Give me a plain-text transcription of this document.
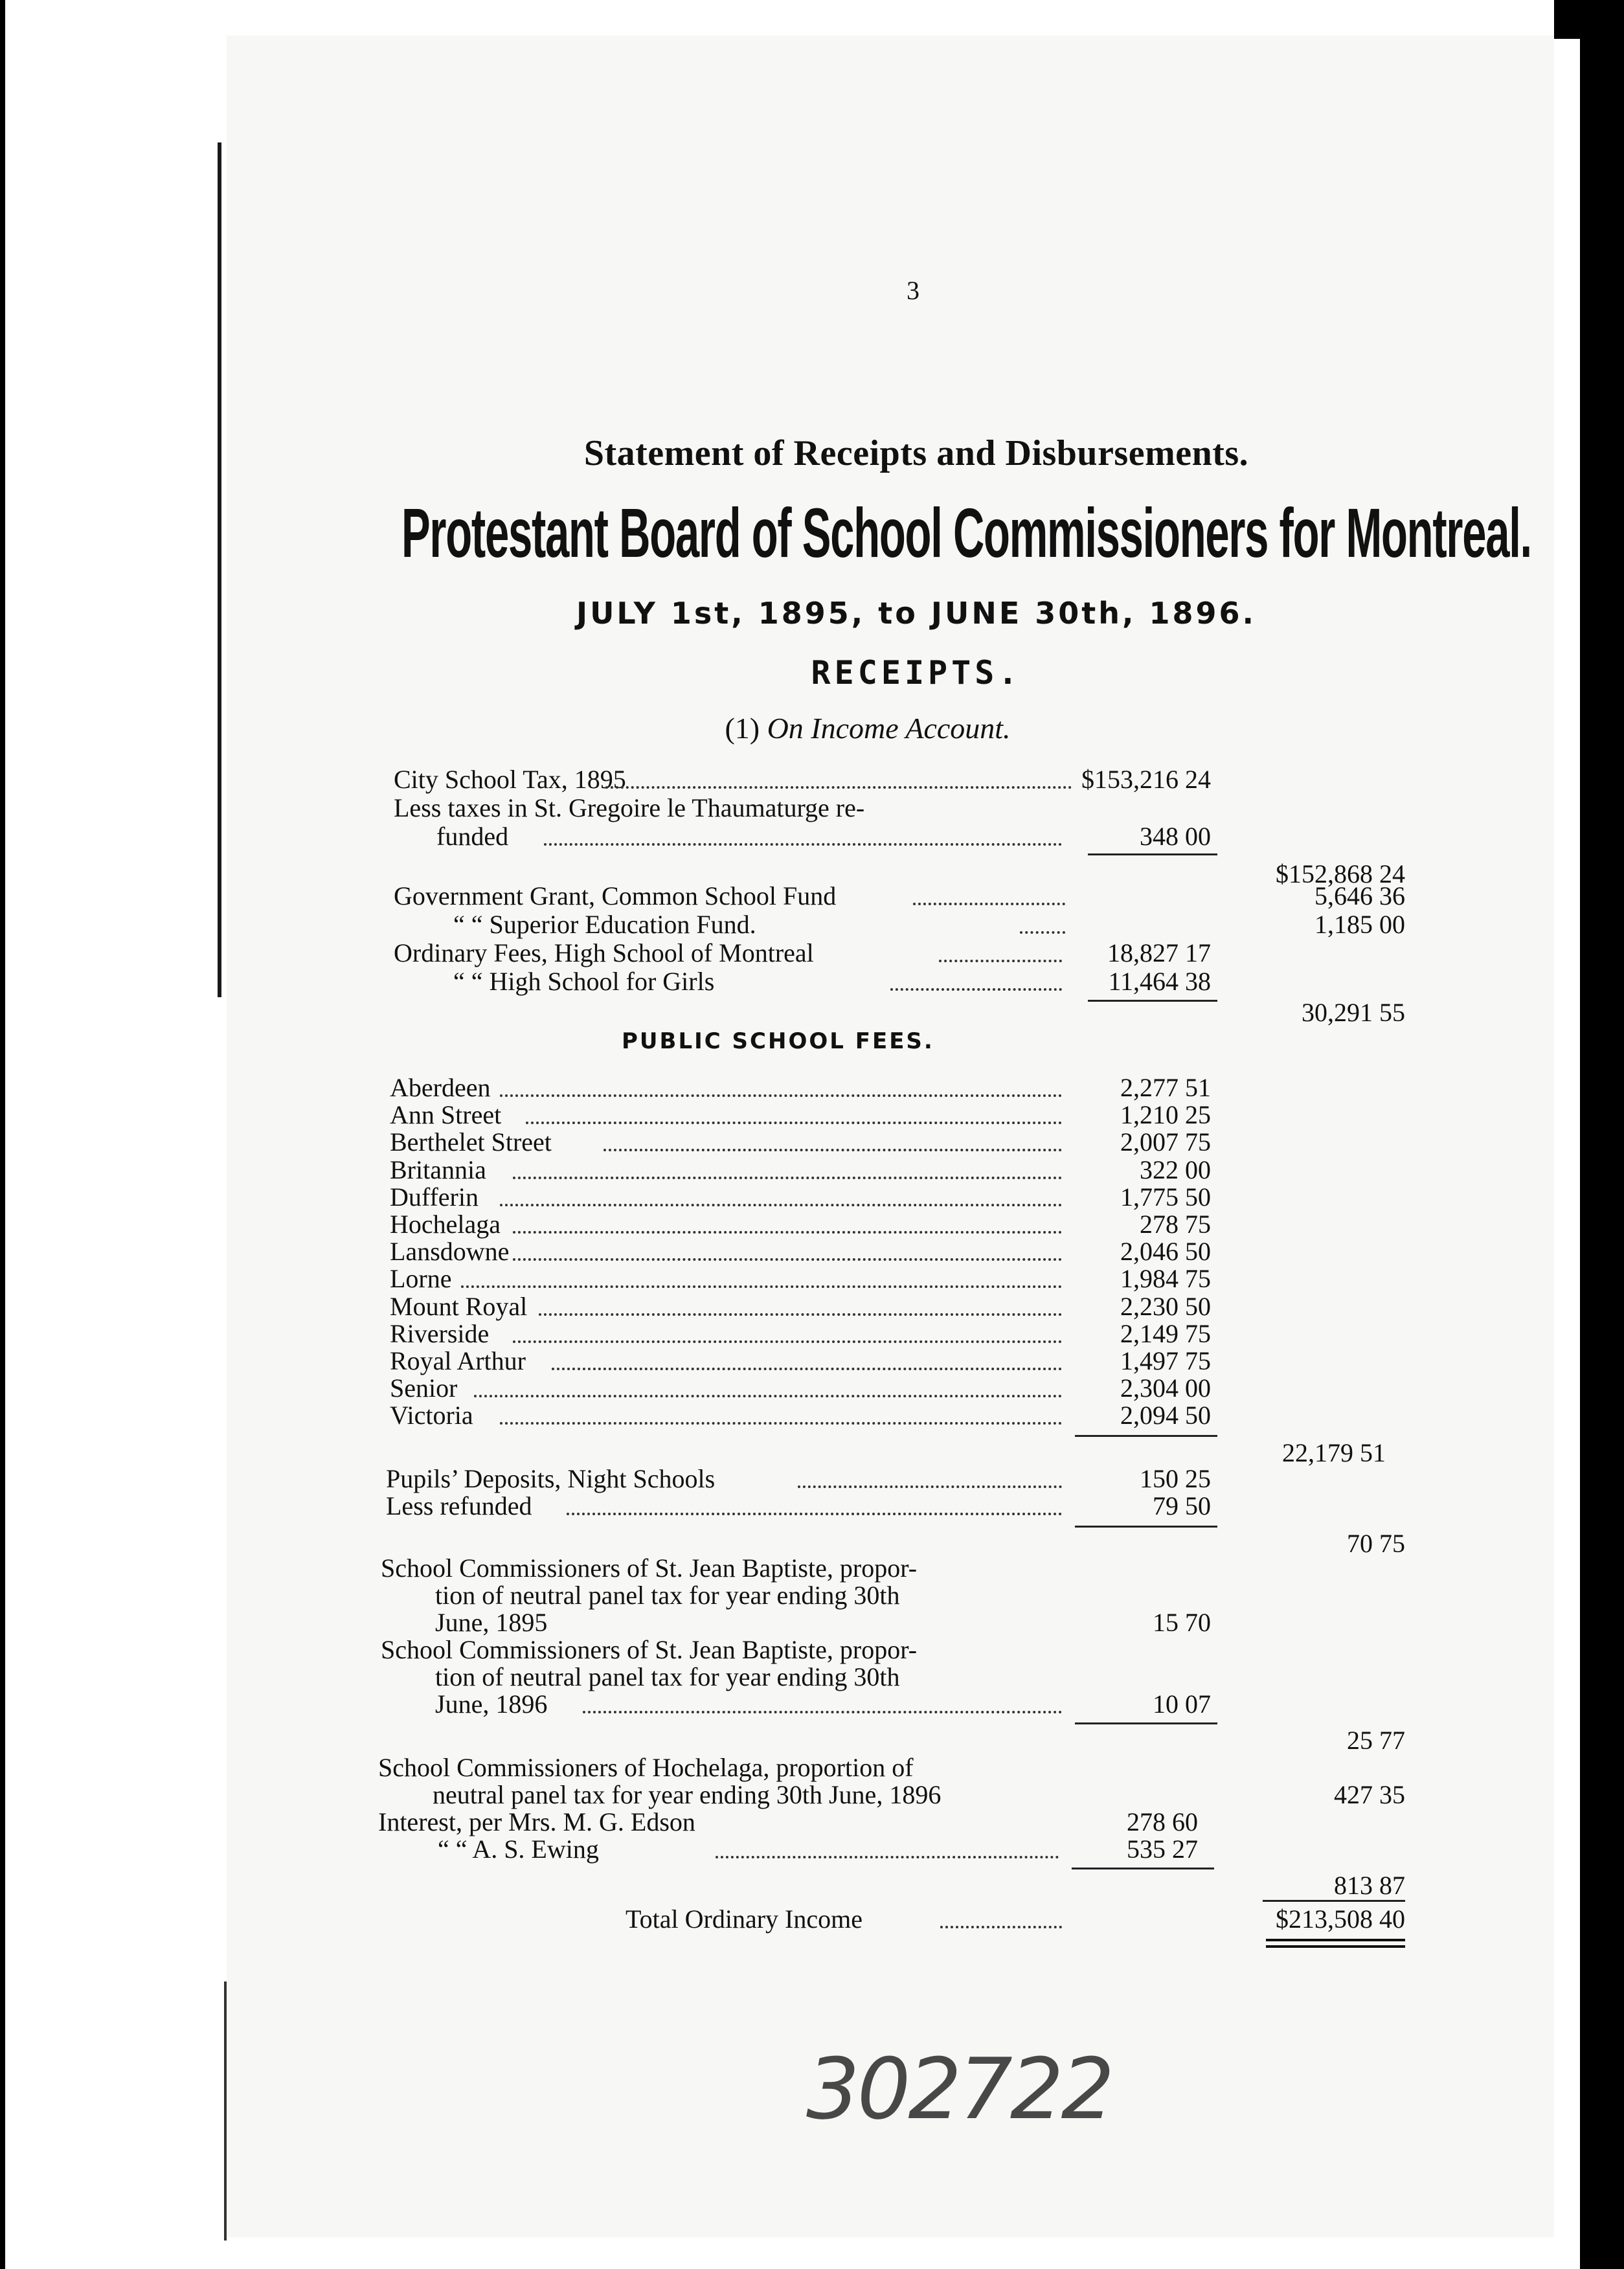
3
Statement of Receipts and Disbursements.
Protestant Board of School Commissioners for Montreal.
JULY 1st, 1895, to JUNE 30th, 1896.
RECEIPTS.
(1) On Income Account.
PUBLIC SCHOOL FEES.
City School Tax, 1895	$153,216 24
Less taxes in St. Gregoire le Thaumaturge re-
funded	348 00
$152,868 24
Government Grant, Common School Fund	5,646 36
“ “ Superior Education Fund.	1,185 00
Ordinary Fees, High School of Montreal	18,827 17
“ “ High School for Girls	11,464 38
30,291 55
Aberdeen	2,277 51
Ann Street	1,210 25
Berthelet Street	2,007 75
Britannia	322 00
Dufferin	1,775 50
Hochelaga	278 75
Lansdowne	2,046 50
Lorne	1,984 75
Mount Royal	2,230 50
Riverside	2,149 75
Royal Arthur	1,497 75
Senior	2,304 00
Victoria	2,094 50
22,179 51
Pupils’ Deposits, Night Schools	150 25
Less refunded	79 50
70 75
School Commissioners of St. Jean Baptiste, propor-
tion of neutral panel tax for year ending 30th
June, 1895	15 70
School Commissioners of St. Jean Baptiste, propor-
tion of neutral panel tax for year ending 30th
June, 1896	10 07
25 77
School Commissioners of Hochelaga, proportion of
neutral panel tax for year ending 30th June, 1896	427 35
Interest, per Mrs. M. G. Edson	278 60
“ “ A. S. Ewing	535 27
813 87
Total Ordinary Income	$213,508 40
302722
